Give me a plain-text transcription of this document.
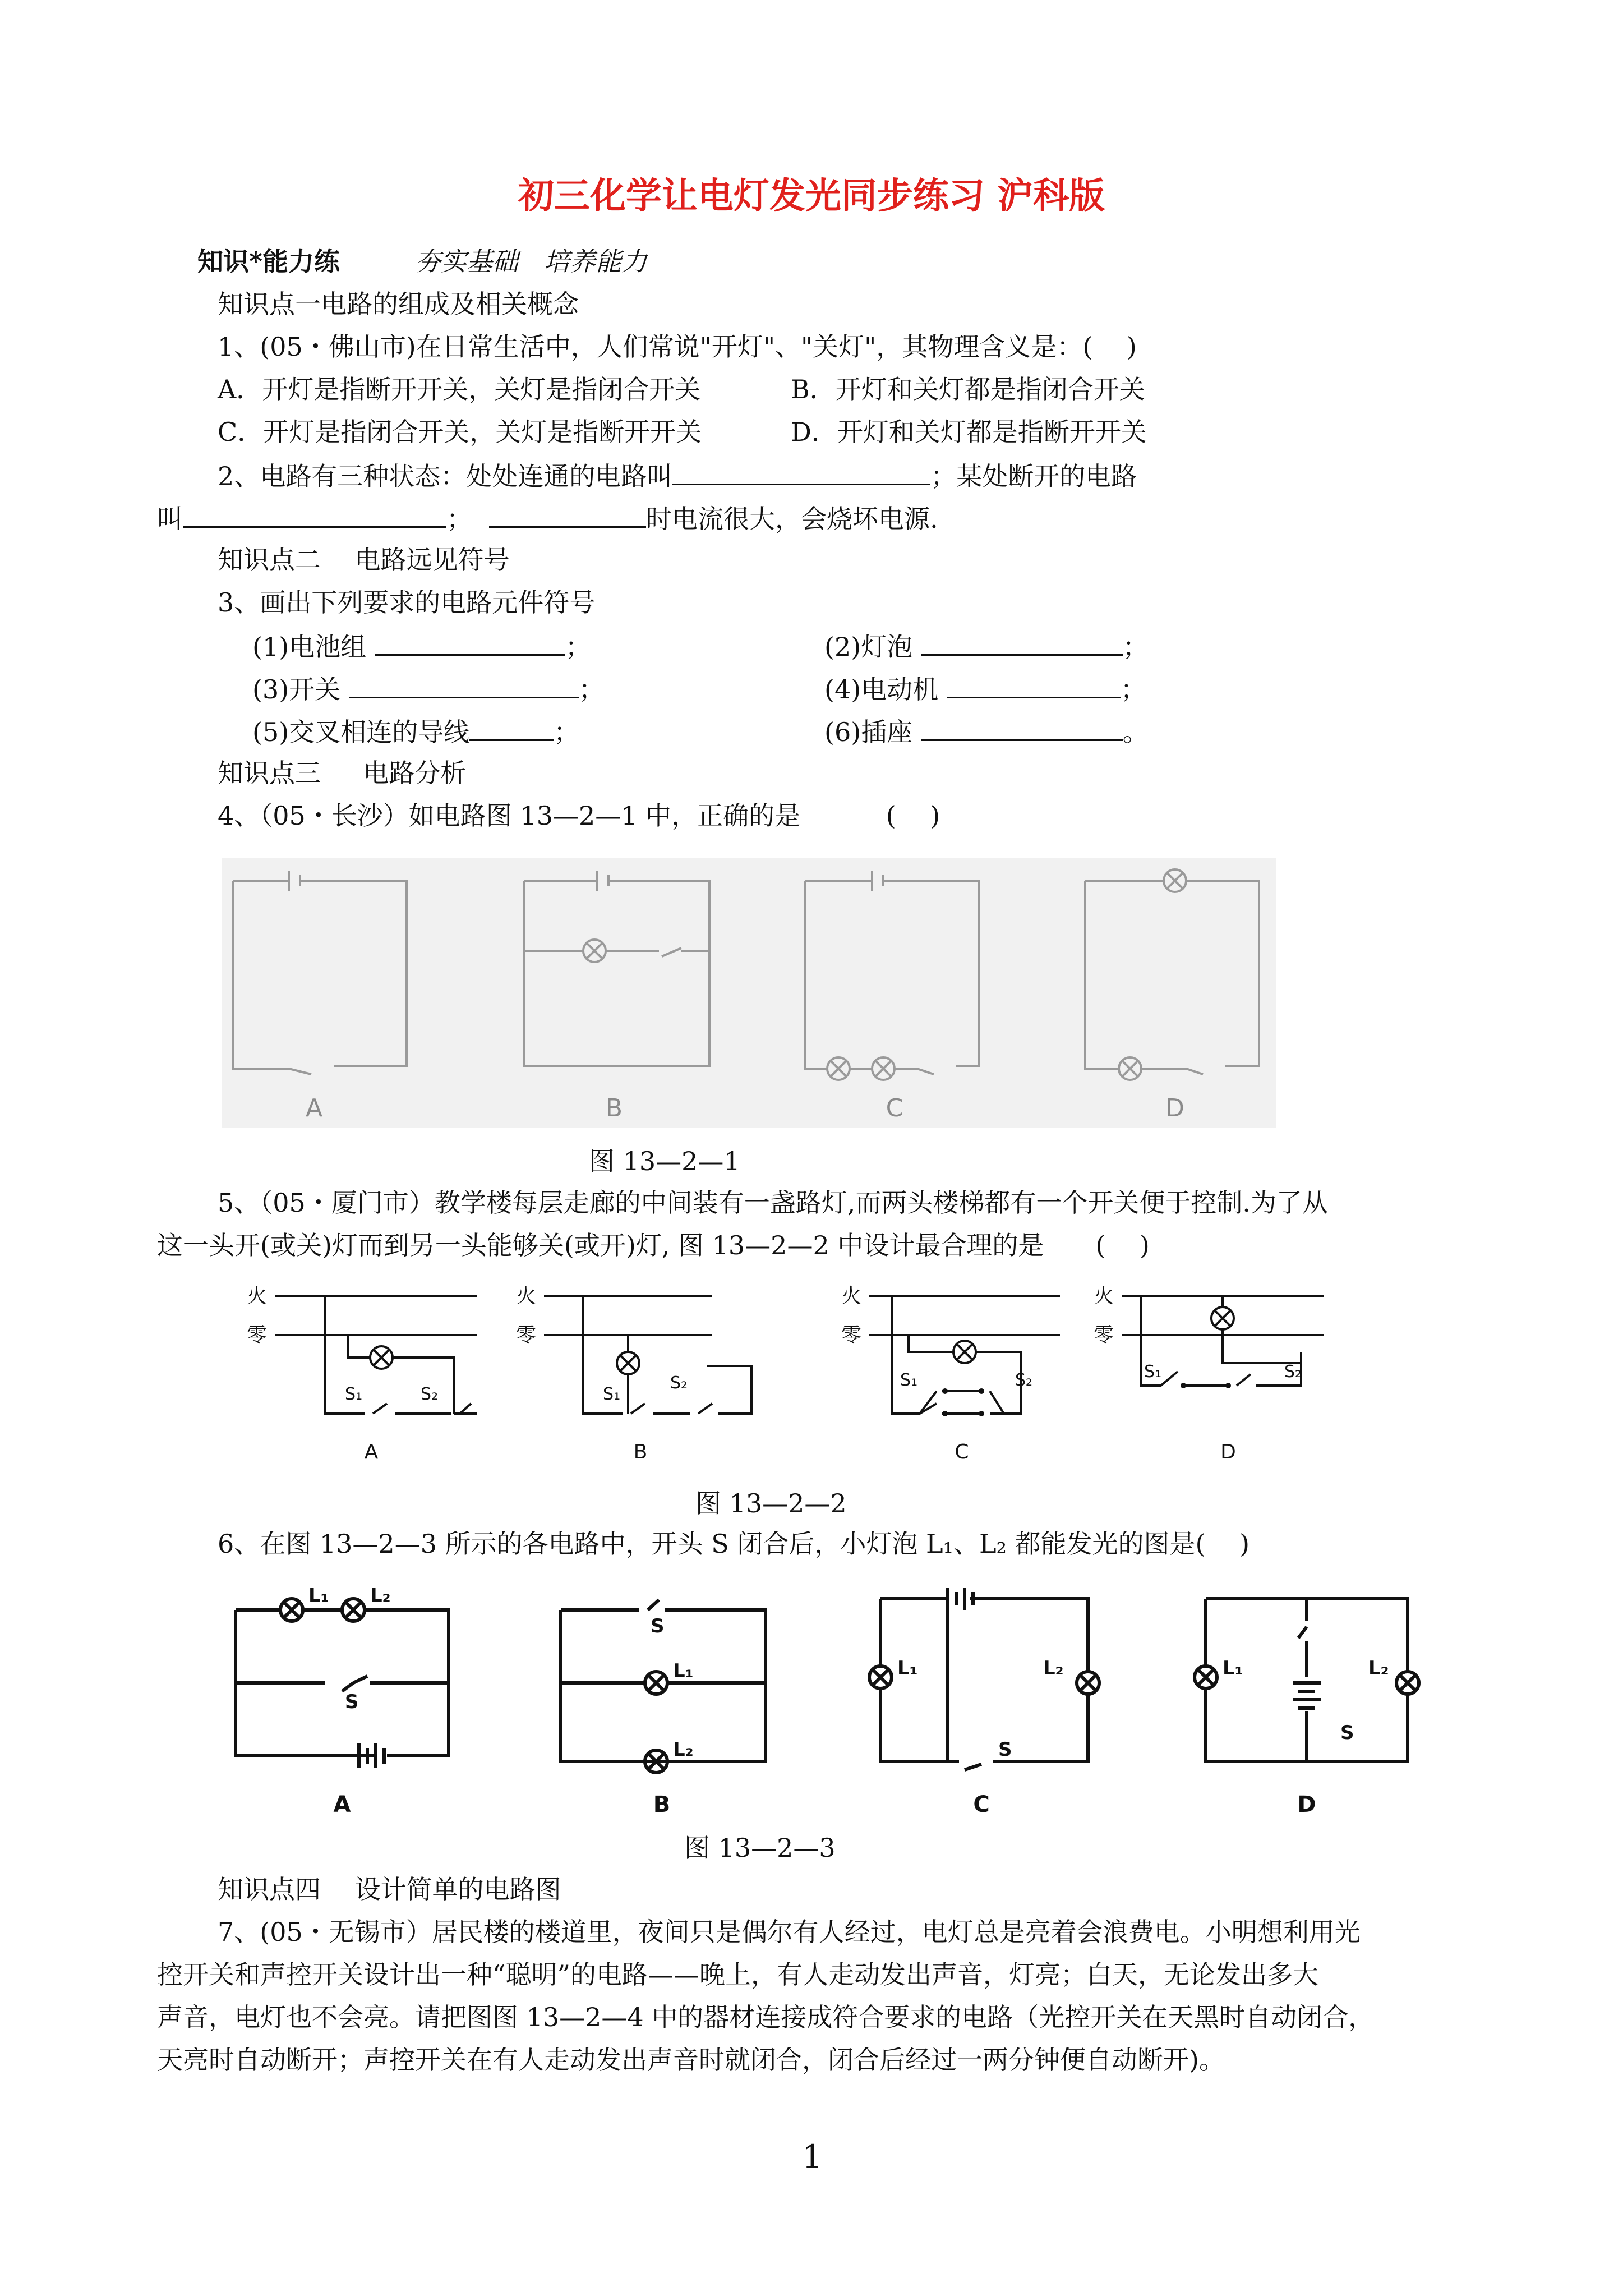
初三化学让电灯发光同步练习 沪科版
知识*能力练	夯实基础　培养能力
知识点一电路的组成及相关概念
1、(05・佛山市)在日常生活中，人们常说"开灯"、"关灯"，其物理含义是：(　 )
A．开灯是指断开开关，关灯是指闭合开关	B．开灯和关灯都是指闭合开关
C．开灯是指闭合开关，关灯是指断开开关	D．开灯和关灯都是指断开开关
2、电路有三种状态：处处连通的电路叫	；某处断开的电路
叫	；	时电流很大，会烧坏电源.
知识点二　 电路远见符号
3、画出下列要求的电路元件符号
(1)电池组	；	(2)灯泡	；
(3)开关	；	(4)电动机	；
(5)交叉相连的导线	；	(6)插座	。
知识点三 　 电路分析
4、（05・长沙）如电路图 13—2—1 中，正确的是　　　 (　 )
A	B	C	D
图 13—2—1
5、（05・厦门市）教学楼每层走廊的中间装有一盏路灯,而两头楼梯都有一个开关便于控制.为了从
这一头开(或关)灯而到另一头能够关(或开)灯, 图 13—2—2 中设计最合理的是　　(　 )
火
零
火
零
火
零
火
零
S₁	S₂	S₁
S₂	S₁	S₂	S₁	S₂
A	B	C	D
图 13—2—2
6、在图 13—2—3 所示的各电路中，开头 S 闭合后，小灯泡 L₁、L₂ 都能发光的图是(　 )
L₁ L₂
S
S
L₁
L₂
L₁	L₂
S
L₁	L₂
S
A	B	C	D
图 13—2—3
知识点四　 设计简单的电路图
7、(05・无锡市）居民楼的楼道里，夜间只是偶尔有人经过，电灯总是亮着会浪费电。小明想利用光
控开关和声控开关设计出一种“聪明”的电路——晚上，有人走动发出声音，灯亮；白天，无论发出多大
声音，电灯也不会亮。请把图图 13—2—4 中的器材连接成符合要求的电路（光控开关在天黑时自动闭合，
天亮时自动断开；声控开关在有人走动发出声音时就闭合，闭合后经过一两分钟便自动断开)。
1
